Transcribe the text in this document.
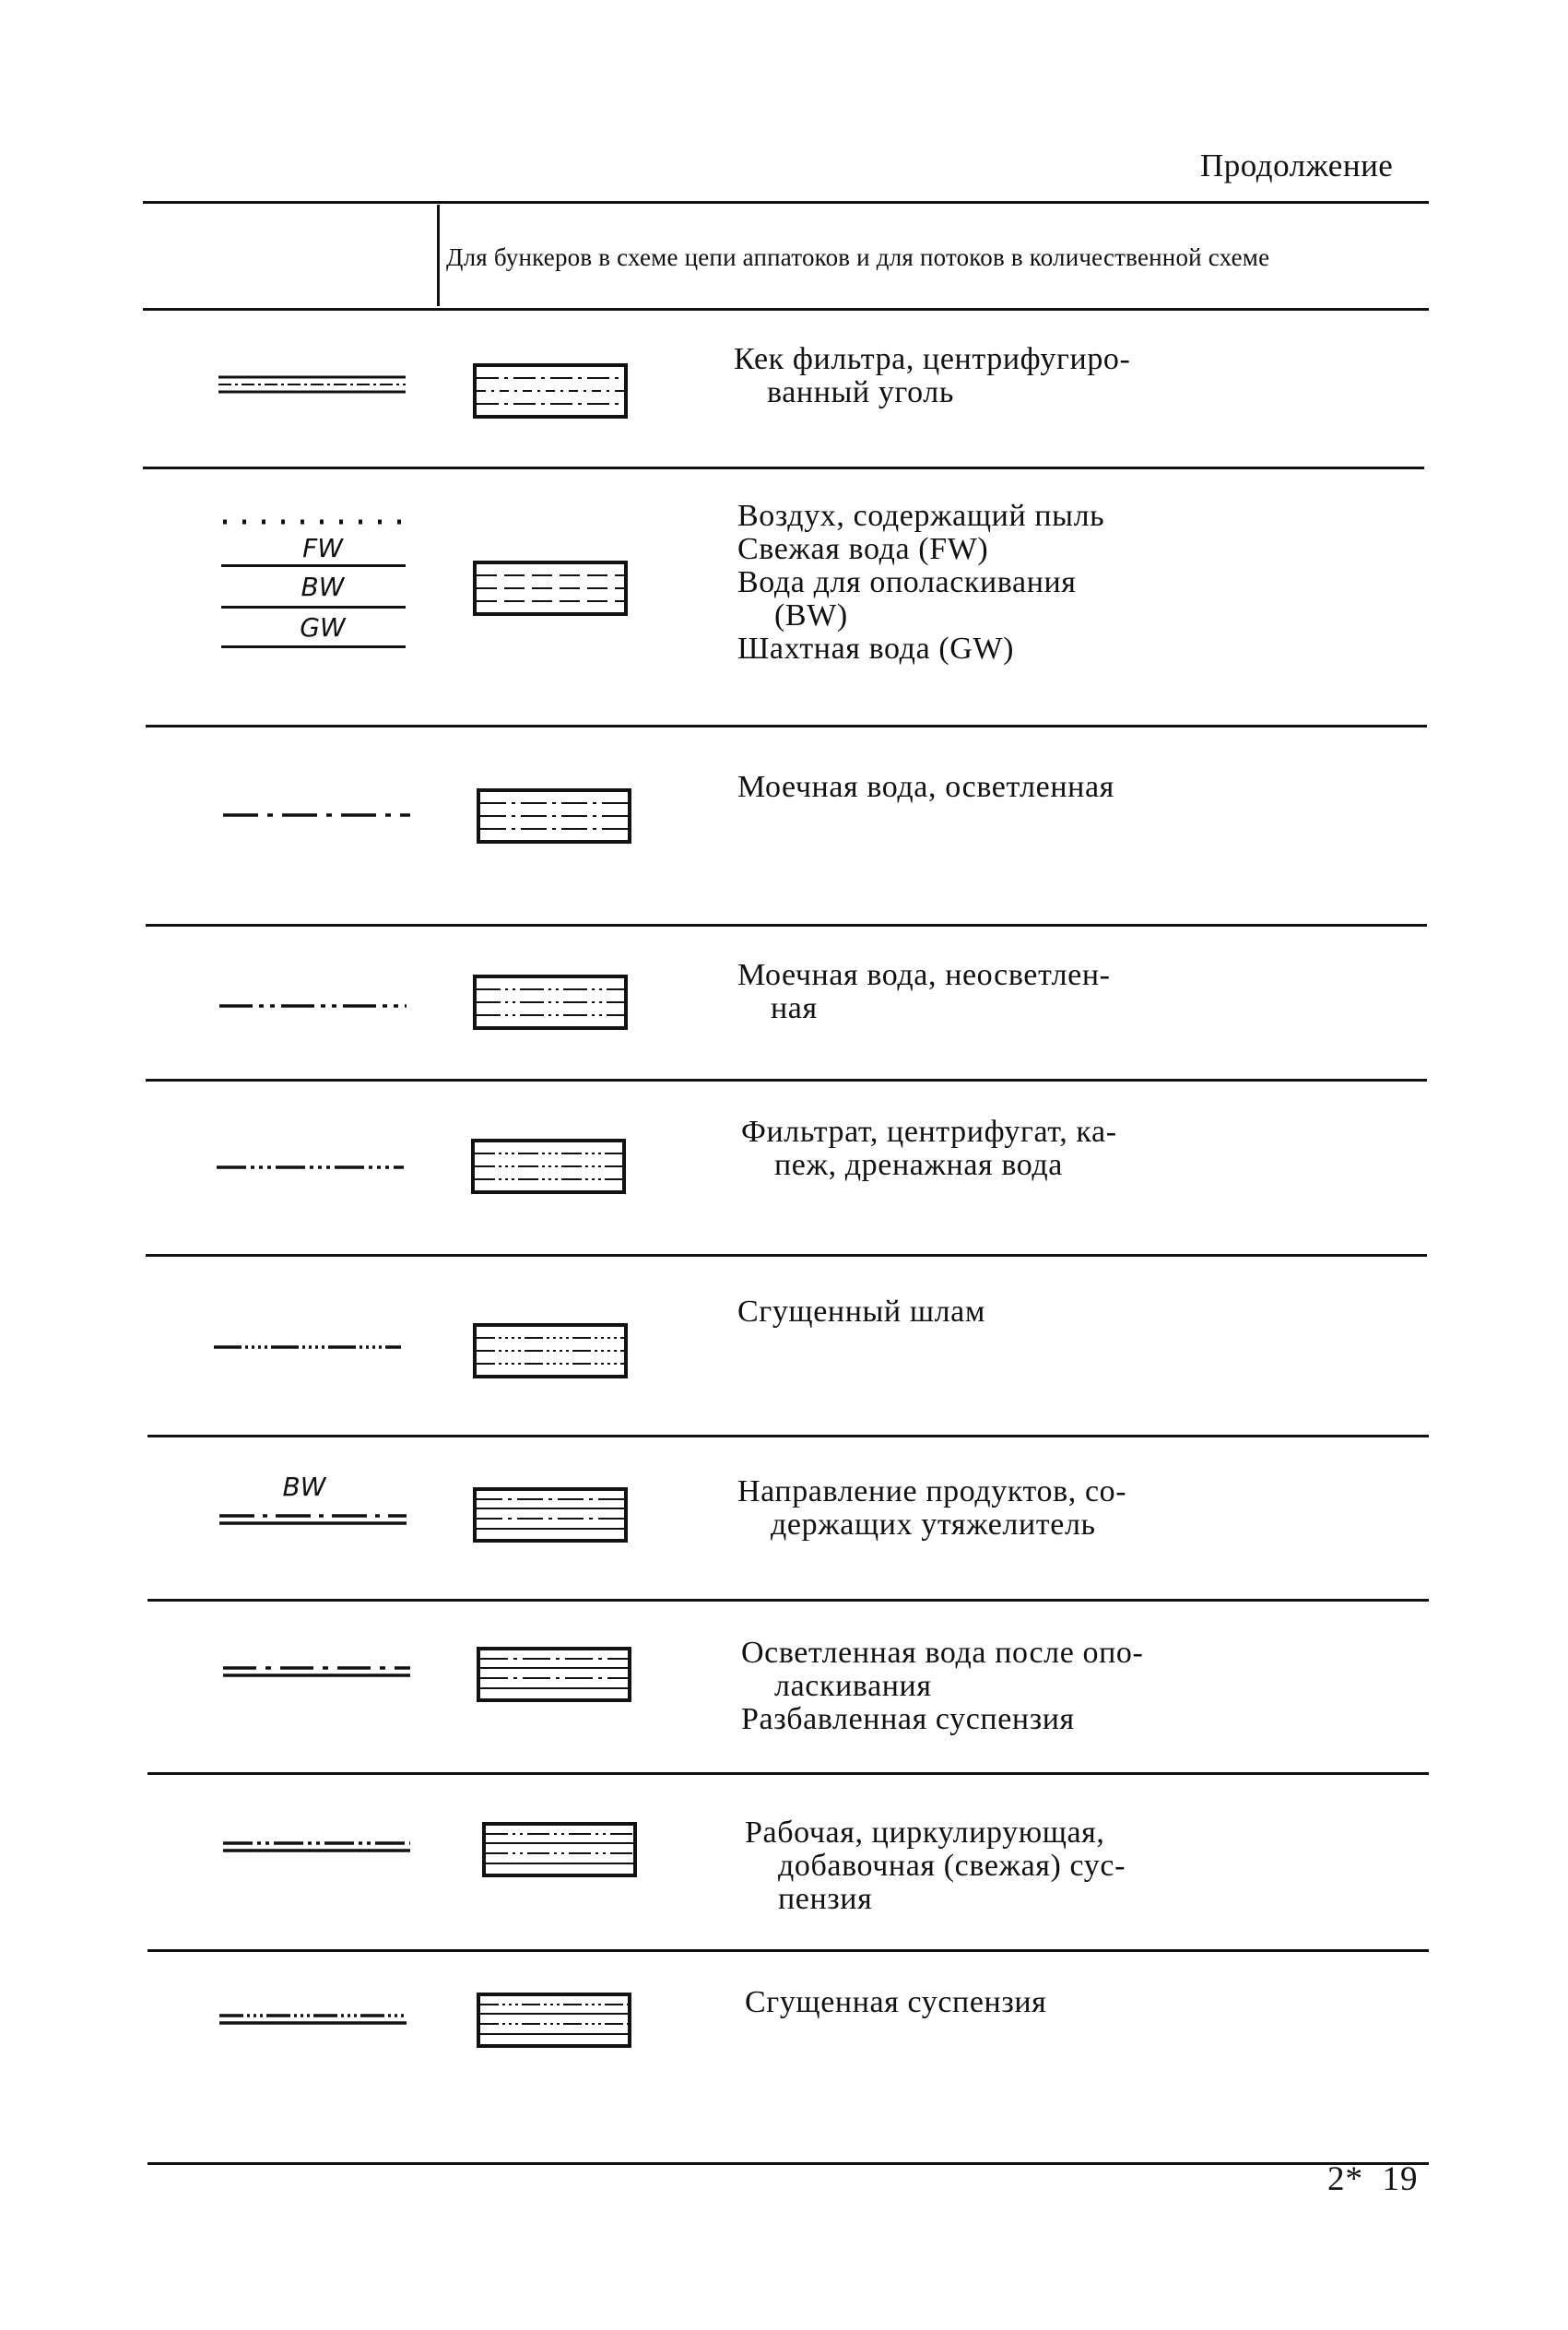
Продолжение
Для бункеров в схеме цепи аппатоков и для потоков в количественной схеме
Кек фильтра, центрифугиро-
ванный уголь
FW
BW
GW
Воздух, содержащий пыль
Свежая вода (FW)
Вода для ополаскивания
(BW)
Шахтная вода (GW)
Моечная вода, осветленная
Моечная вода, неосветлен-
ная
Фильтрат, центрифугат, ка-
пеж, дренажная вода
Сгущенный шлам
BW	Направление продуктов, со-
держащих утяжелитель
Осветленная вода после опо-
ласкивания
Разбавленная суспензия
Рабочая, циркулирующая,
добавочная (свежая) сус-
пензия
Сгущенная суспензия
2*  19
